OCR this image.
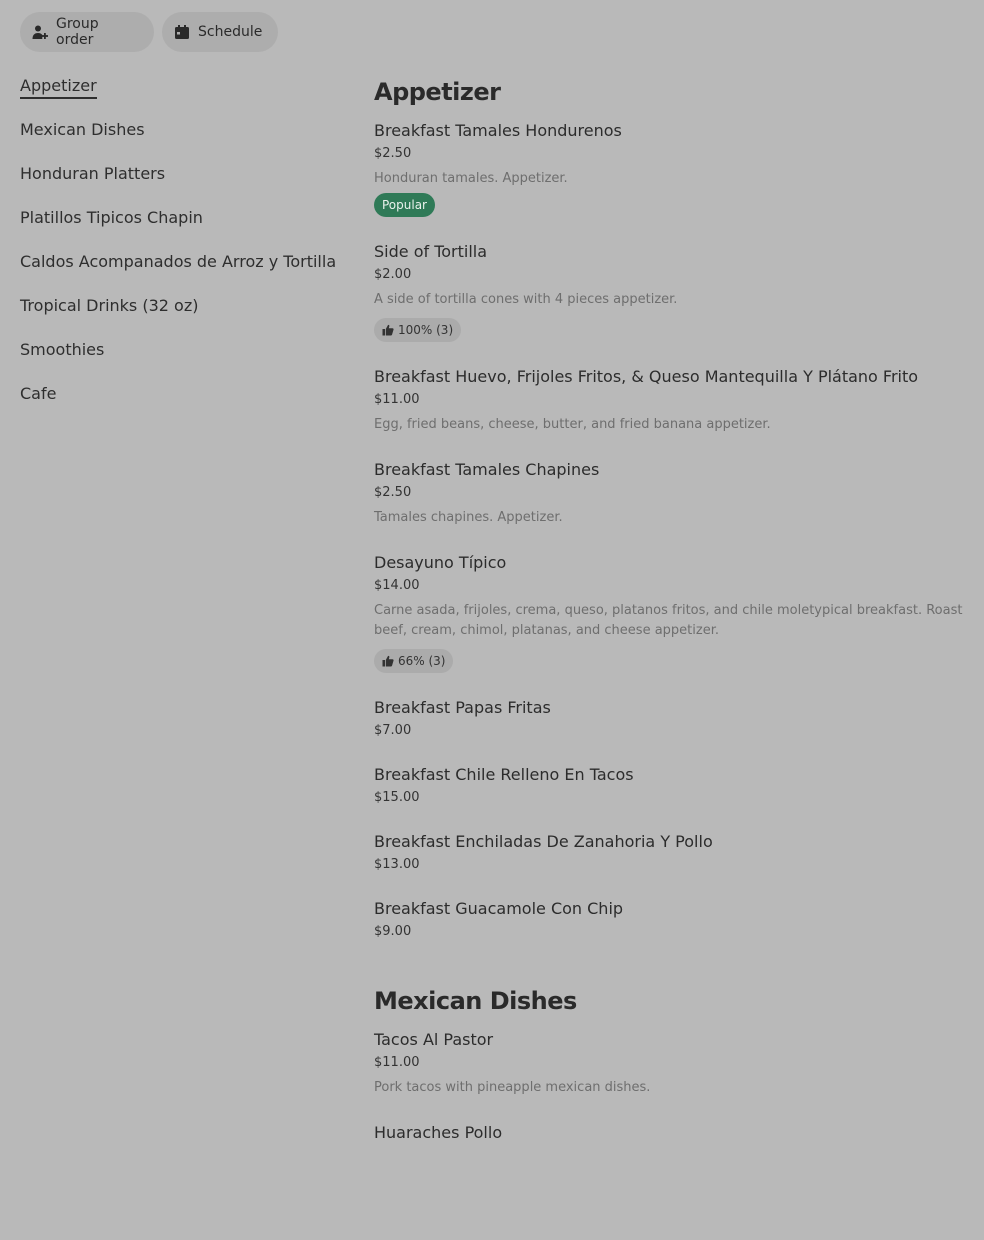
Group order	Schedule
Appetizer
Mexican Dishes
Honduran Platters
Platillos Tipicos Chapin
Caldos Acompanados de Arroz y Tortilla
Tropical Drinks (32 oz)
Smoothies
Cafe
Appetizer
Breakfast Tamales Hondurenos
$2.50
Honduran tamales. Appetizer.
Popular
Side of Tortilla
$2.00
A side of tortilla cones with 4 pieces appetizer.
100% (3)
Breakfast Huevo, Frijoles Fritos, & Queso Mantequilla Y Plátano Frito
$11.00
Egg, fried beans, cheese, butter, and fried banana appetizer.
Breakfast Tamales Chapines
$2.50
Tamales chapines. Appetizer.
Desayuno Típico
$14.00
Carne asada, frijoles, crema, queso, platanos fritos, and chile moletypical breakfast. Roast beef, cream, chimol, platanas, and cheese appetizer.
66% (3)
Breakfast Papas Fritas
$7.00
Breakfast Chile Relleno En Tacos
$15.00
Breakfast Enchiladas De Zanahoria Y Pollo
$13.00
Breakfast Guacamole Con Chip
$9.00
Mexican Dishes
Tacos Al Pastor
$11.00
Pork tacos with pineapple mexican dishes.
Huaraches Pollo
